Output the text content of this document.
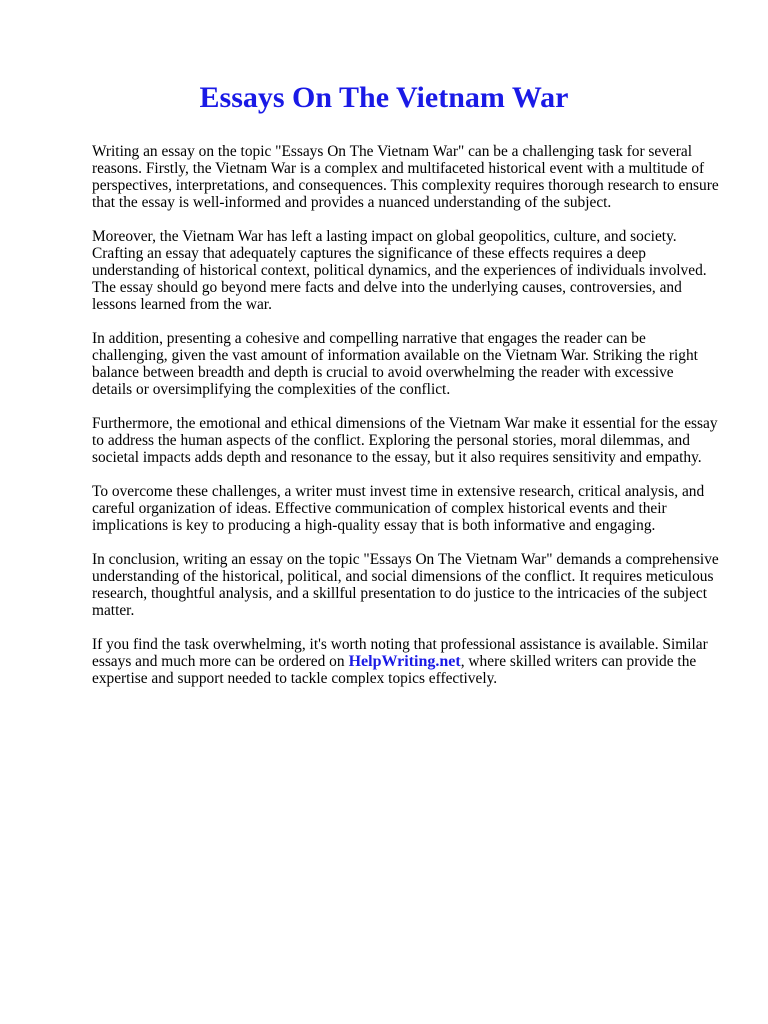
Essays On The Vietnam War

Writing an essay on the topic "Essays On The Vietnam War" can be a challenging task for several
reasons. Firstly, the Vietnam War is a complex and multifaceted historical event with a multitude of
perspectives, interpretations, and consequences. This complexity requires thorough research to ensure
that the essay is well-informed and provides a nuanced understanding of the subject.

Moreover, the Vietnam War has left a lasting impact on global geopolitics, culture, and society.
Crafting an essay that adequately captures the significance of these effects requires a deep
understanding of historical context, political dynamics, and the experiences of individuals involved.
The essay should go beyond mere facts and delve into the underlying causes, controversies, and
lessons learned from the war.

In addition, presenting a cohesive and compelling narrative that engages the reader can be
challenging, given the vast amount of information available on the Vietnam War. Striking the right
balance between breadth and depth is crucial to avoid overwhelming the reader with excessive
details or oversimplifying the complexities of the conflict.

Furthermore, the emotional and ethical dimensions of the Vietnam War make it essential for the essay
to address the human aspects of the conflict. Exploring the personal stories, moral dilemmas, and
societal impacts adds depth and resonance to the essay, but it also requires sensitivity and empathy.

To overcome these challenges, a writer must invest time in extensive research, critical analysis, and
careful organization of ideas. Effective communication of complex historical events and their
implications is key to producing a high-quality essay that is both informative and engaging.

In conclusion, writing an essay on the topic "Essays On The Vietnam War" demands a comprehensive
understanding of the historical, political, and social dimensions of the conflict. It requires meticulous
research, thoughtful analysis, and a skillful presentation to do justice to the intricacies of the subject
matter.

If you find the task overwhelming, it's worth noting that professional assistance is available. Similar
essays and much more can be ordered on HelpWriting.net, where skilled writers can provide the
expertise and support needed to tackle complex topics effectively.
